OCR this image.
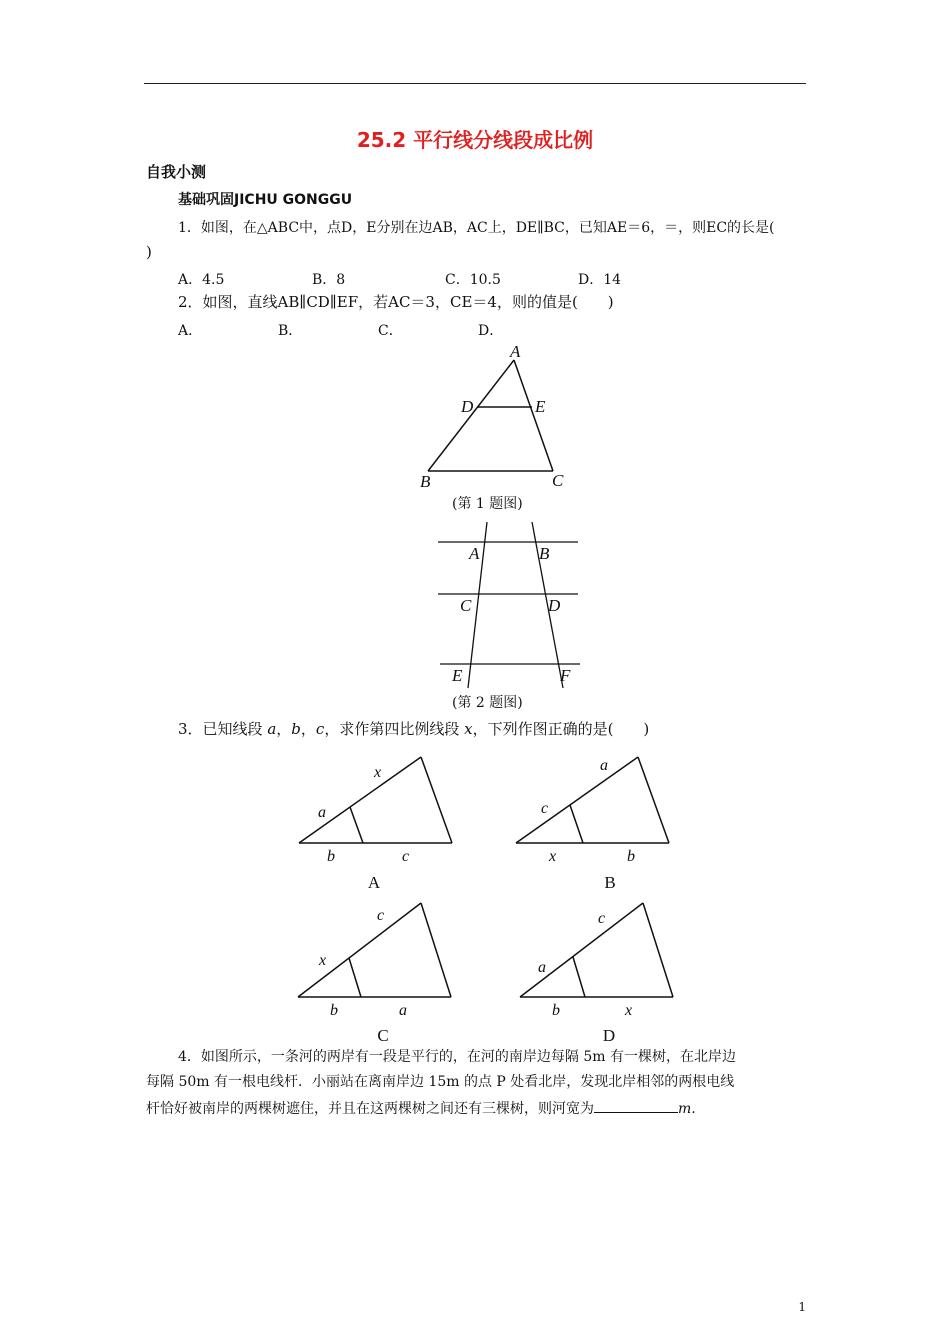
25.2 平行线分线段成比例
自我小测
基础巩固JICHU GONGGU
1．如图，在△ABC中，点D，E分别在边AB，AC上，DE∥BC，已知AE＝6，＝，则EC的长是(
)
A．4.5	B．8	C．10.5	D．14
2．如图，直线AB∥CD∥EF，若AC＝3，CE＝4，则的值是(　　)
A．	B．	C．	D．
A
D	E
B	C
(第 1 题图)
A	B
C	D
E	F
(第 2 题图)
3．已知线段 a，b，c，求作第四比例线段 x，下列作图正确的是(　　)
a
x
b	c
A
c
a
x	b
B
x
c
b	a
C
a
c
b	x
D
4．如图所示，一条河的两岸有一段是平行的，在河的南岸边每隔 5m 有一棵树，在北岸边
每隔 50m 有一根电线杆．小丽站在离南岸边 15m 的点 P 处看北岸，发现北岸相邻的两根电线
杆恰好被南岸的两棵树遮住，并且在这两棵树之间还有三棵树，则河宽为	m.
1
